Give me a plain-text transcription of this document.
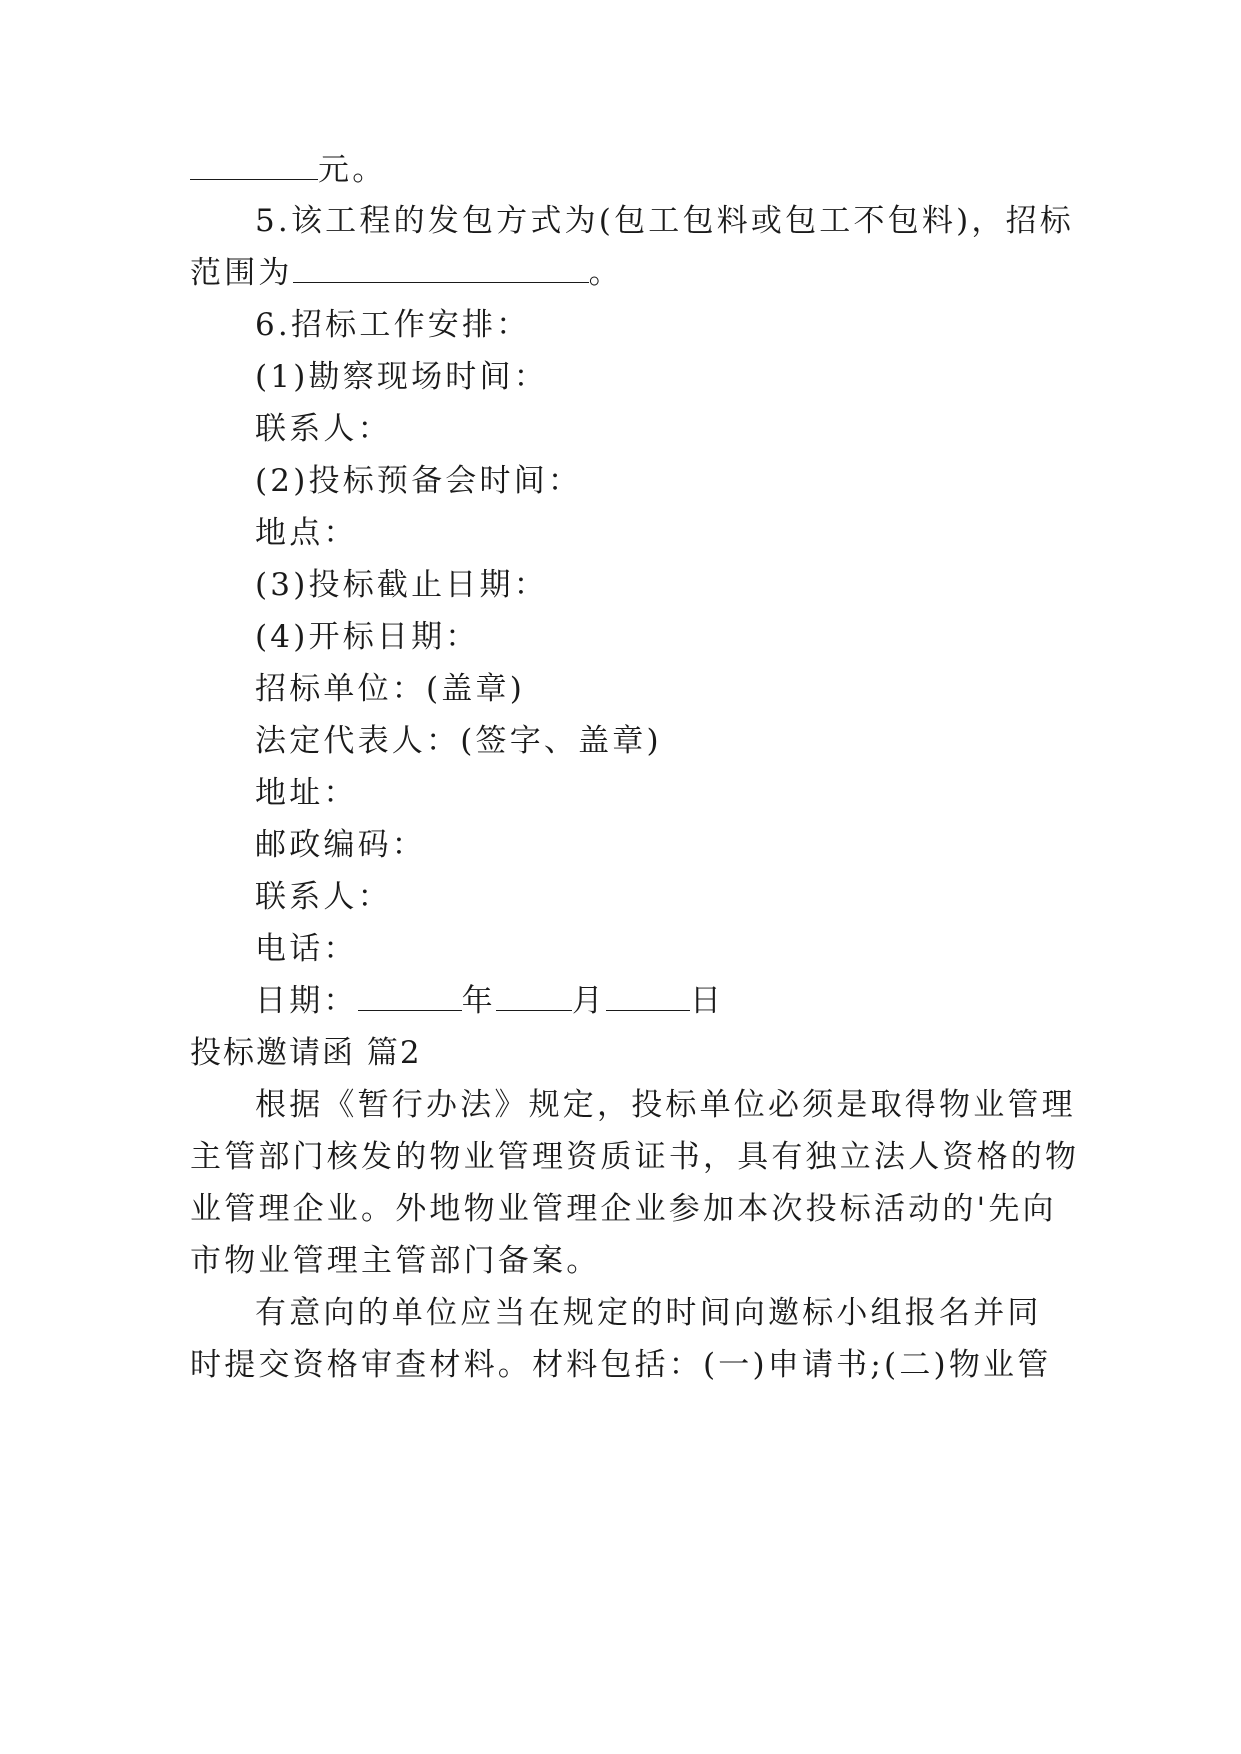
元。
5.该工程的发包方式为(包工包料或包工不包料)，招标
范围为	。
6.招标工作安排：
(1)勘察现场时间：
联系人：
(2)投标预备会时间：
地点：
(3)投标截止日期：
(4)开标日期：
招标单位：(盖章)
法定代表人：(签字、盖章)
地址：
邮政编码：
联系人：
电话：
日期：	年 月	日
投标邀请函 篇2
根据《暂行办法》规定，投标单位必须是取得物业管理
主管部门核发的物业管理资质证书，具有独立法人资格的物
业管理企业。外地物业管理企业参加本次投标活动的'先向
市物业管理主管部门备案。
有意向的单位应当在规定的时间向邀标小组报名并同
时提交资格审查材料。材料包括：(一)申请书;(二)物业管
